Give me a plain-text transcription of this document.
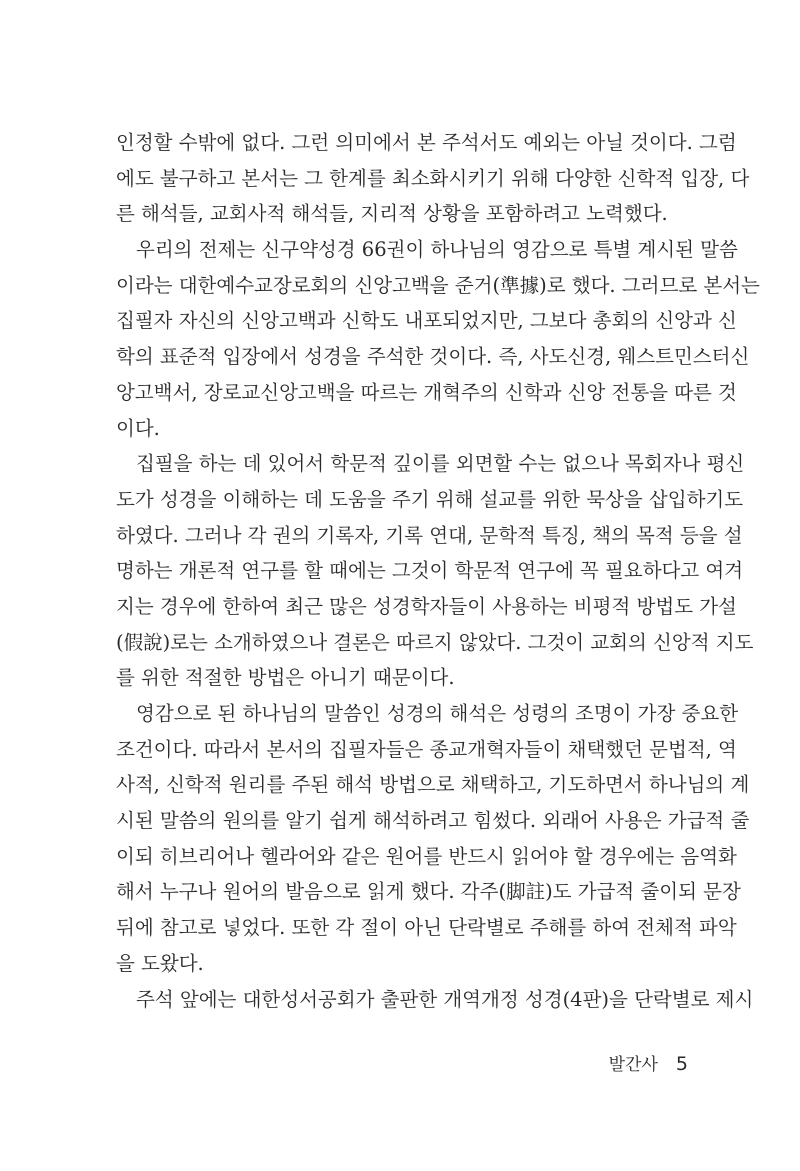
인정할 수밖에 없다. 그런 의미에서 본 주석서도 예외는 아닐 것이다. 그럼
에도 불구하고 본서는 그 한계를 최소화시키기 위해 다양한 신학적 입장, 다
른 해석들, 교회사적 해석들, 지리적 상황을 포함하려고 노력했다.
우리의 전제는 신구약성경 66권이 하나님의 영감으로 특별 계시된 말씀
이라는 대한예수교장로회의 신앙고백을 준거(準據)로 했다. 그러므로 본서는
집필자 자신의 신앙고백과 신학도 내포되었지만, 그보다 총회의 신앙과 신
학의 표준적 입장에서 성경을 주석한 것이다. 즉, 사도신경, 웨스트민스터신
앙고백서, 장로교신앙고백을 따르는 개혁주의 신학과 신앙 전통을 따른 것
이다.
집필을 하는 데 있어서 학문적 깊이를 외면할 수는 없으나 목회자나 평신
도가 성경을 이해하는 데 도움을 주기 위해 설교를 위한 묵상을 삽입하기도
하였다. 그러나 각 권의 기록자, 기록 연대, 문학적 특징, 책의 목적 등을 설
명하는 개론적 연구를 할 때에는 그것이 학문적 연구에 꼭 필요하다고 여겨
지는 경우에 한하여 최근 많은 성경학자들이 사용하는 비평적 방법도 가설
(假說)로는 소개하였으나 결론은 따르지 않았다. 그것이 교회의 신앙적 지도
를 위한 적절한 방법은 아니기 때문이다.
영감으로 된 하나님의 말씀인 성경의 해석은 성령의 조명이 가장 중요한
조건이다. 따라서 본서의 집필자들은 종교개혁자들이 채택했던 문법적, 역
사적, 신학적 원리를 주된 해석 방법으로 채택하고, 기도하면서 하나님의 계
시된 말씀의 원의를 알기 쉽게 해석하려고 힘썼다. 외래어 사용은 가급적 줄
이되 히브리어나 헬라어와 같은 원어를 반드시 읽어야 할 경우에는 음역화
해서 누구나 원어의 발음으로 읽게 했다. 각주(脚註)도 가급적 줄이되 문장
뒤에 참고로 넣었다. 또한 각 절이 아닌 단락별로 주해를 하여 전체적 파악
을 도왔다.
주석 앞에는 대한성서공회가 출판한 개역개정 성경(4판)을 단락별로 제시
발간사 5
